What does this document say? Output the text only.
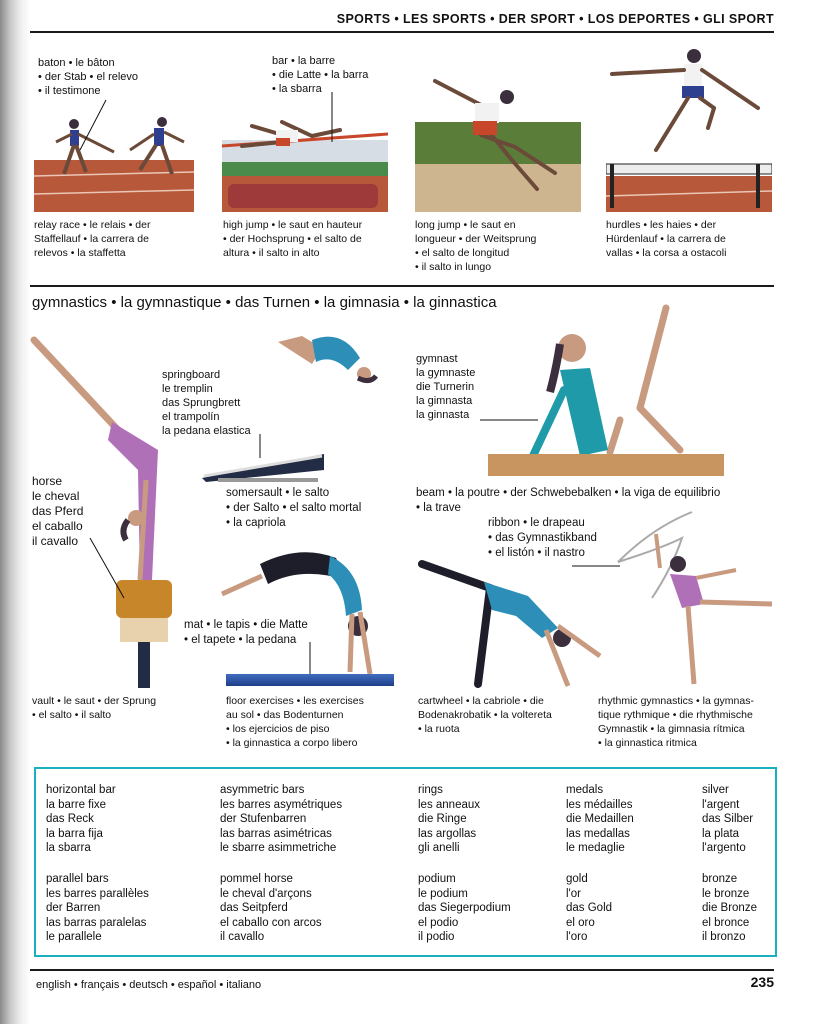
SPORTS • LES SPORTS • DER SPORT • LOS DEPORTES • GLI SPORT
baton • le bâton
• der Stab • el relevo
• il testimone
bar • la barre
• die Latte • la barra
• la sbarra
relay race • le relais • der
Staffellauf • la carrera de
relevos • la staffetta
high jump • le saut en hauteur
• der Hochsprung • el salto de
altura • il salto in alto
long jump • le saut en
longueur • der Weitsprung
• el salto de longitud
• il salto in lungo
hurdles • les haies • der
Hürdenlauf • la carrera de
vallas • la corsa a ostacoli
gymnastics • la gymnastique • das Turnen • la gimnasia • la ginnastica
springboard
le tremplin
das Sprungbrett
el trampolín
la pedana elastica
gymnast
la gymnaste
die Turnerin
la gimnasta
la ginnasta
horse
le cheval
das Pferd
el caballo
il cavallo
somersault • le salto
• der Salto • el salto mortal
• la capriola
beam • la poutre • der Schwebebalken • la viga de equilibrio
• la trave
ribbon • le drapeau
• das Gymnastikband
• el listón • il nastro
mat • le tapis • die Matte
• el tapete • la pedana
vault • le saut • der Sprung
• el salto • il salto
floor exercises • les exercises
au sol • das Bodenturnen
• los ejercicios de piso
• la ginnastica a corpo libero
cartwheel • la cabriole • die
Bodenakrobatik • la voltereta
• la ruota
rhythmic gymnastics • la gymnas-
tique rythmique • die rhythmische
Gymnastik • la gimnasia rítmica
• la ginnastica ritmica
horizontal bar
la barre fixe
das Reck
la barra fija
la sbarra
parallel bars
les barres parallèles
der Barren
las barras paralelas
le parallele
asymmetric bars
les barres asymétriques
der Stufenbarren
las barras asimétricas
le sbarre asimmetriche
pommel horse
le cheval d'arçons
das Seitpferd
el caballo con arcos
il cavallo
rings
les anneaux
die Ringe
las argollas
gli anelli
podium
le podium
das Siegerpodium
el podio
il podio
medals
les médailles
die Medaillen
las medallas
le medaglie
gold
l'or
das Gold
el oro
l'oro
silver
l'argent
das Silber
la plata
l'argento
bronze
le bronze
die Bronze
el bronce
il bronzo
english • français • deutsch • español • italiano	235
